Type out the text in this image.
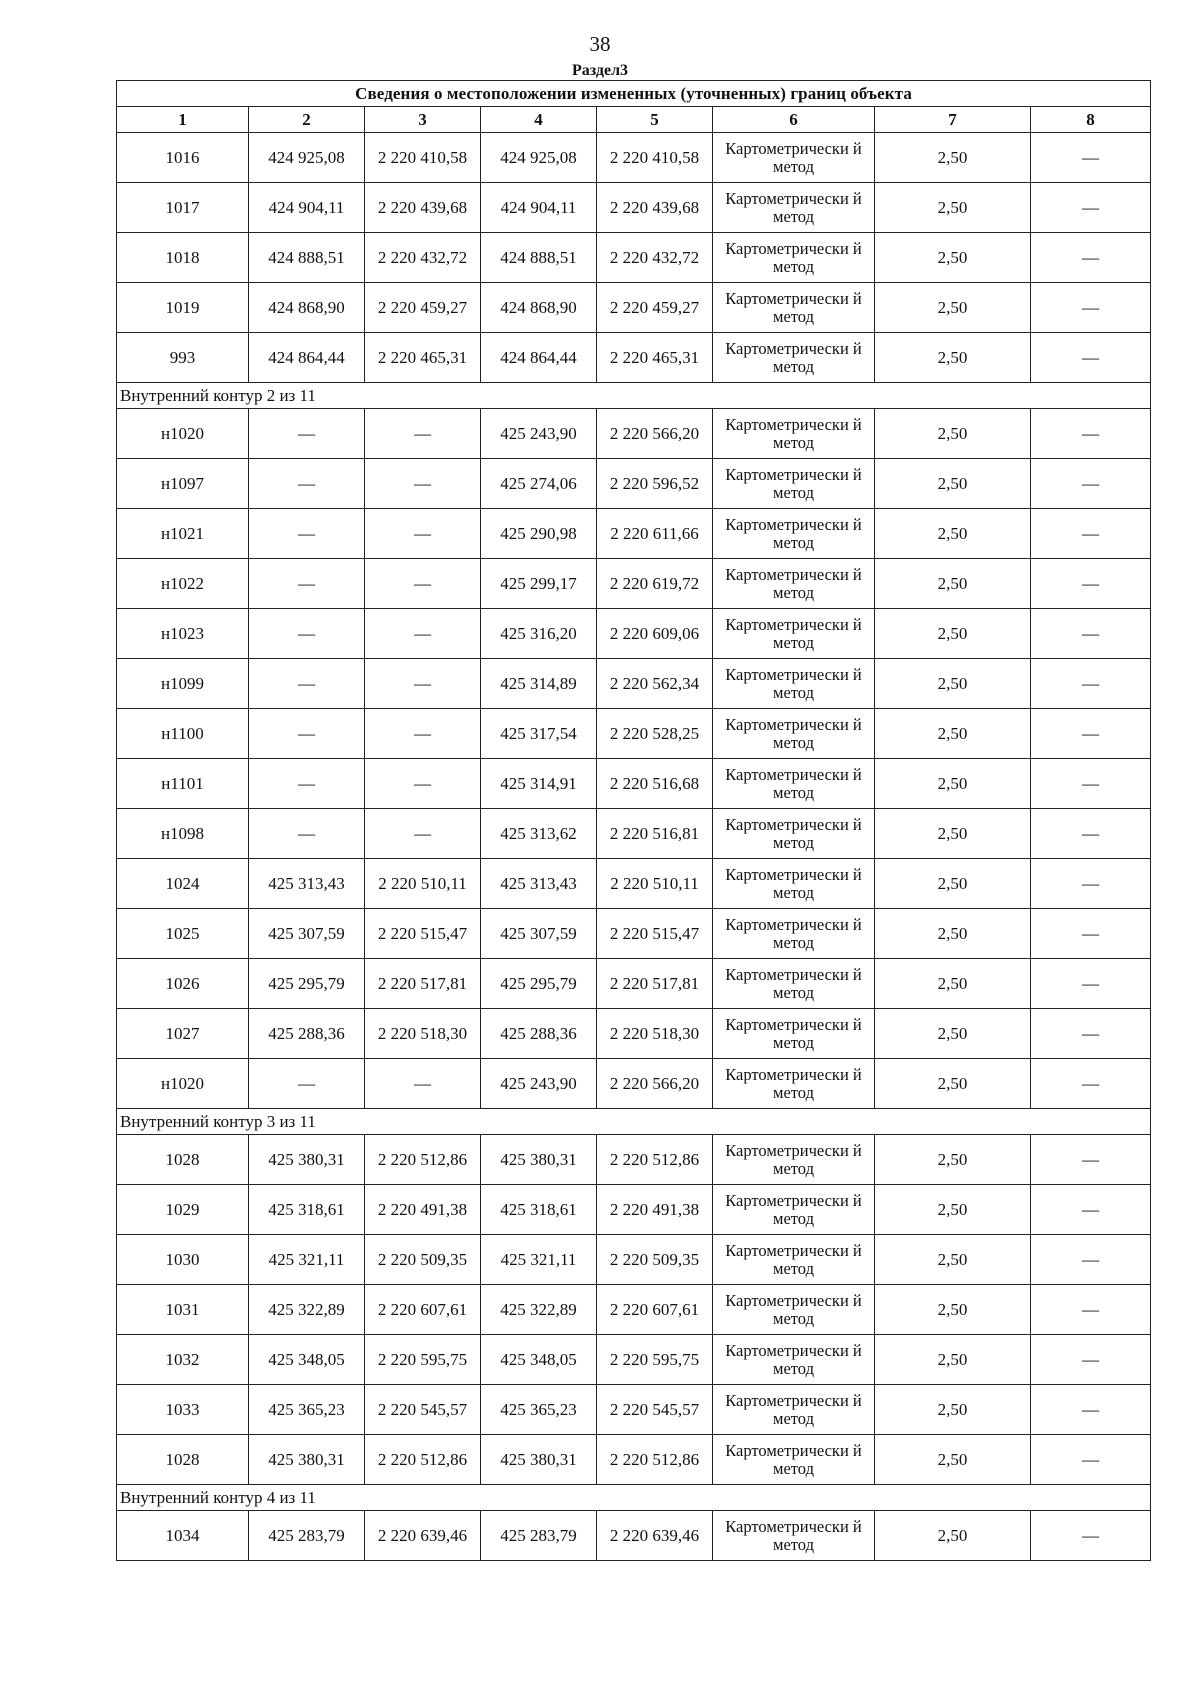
38
Раздел3
Сведения о местоположении измененных (уточненных) границ объекта							
1	2	3	4	5	6	7	8
1016	424 925,08	2 220 410,58	424 925,08	2 220 410,58	Картометрически й метод	2,50	—
1017	424 904,11	2 220 439,68	424 904,11	2 220 439,68	Картометрически й метод	2,50	—
1018	424 888,51	2 220 432,72	424 888,51	2 220 432,72	Картометрически й метод	2,50	—
1019	424 868,90	2 220 459,27	424 868,90	2 220 459,27	Картометрически й метод	2,50	—
993	424 864,44	2 220 465,31	424 864,44	2 220 465,31	Картометрически й метод	2,50	—
Внутренний контур 2 из 11							
н1020	—	—	425 243,90	2 220 566,20	Картометрически й метод	2,50	—
н1097	—	—	425 274,06	2 220 596,52	Картометрически й метод	2,50	—
н1021	—	—	425 290,98	2 220 611,66	Картометрически й метод	2,50	—
н1022	—	—	425 299,17	2 220 619,72	Картометрически й метод	2,50	—
н1023	—	—	425 316,20	2 220 609,06	Картометрически й метод	2,50	—
н1099	—	—	425 314,89	2 220 562,34	Картометрически й метод	2,50	—
н1100	—	—	425 317,54	2 220 528,25	Картометрически й метод	2,50	—
н1101	—	—	425 314,91	2 220 516,68	Картометрически й метод	2,50	—
н1098	—	—	425 313,62	2 220 516,81	Картометрически й метод	2,50	—
1024	425 313,43	2 220 510,11	425 313,43	2 220 510,11	Картометрически й метод	2,50	—
1025	425 307,59	2 220 515,47	425 307,59	2 220 515,47	Картометрически й метод	2,50	—
1026	425 295,79	2 220 517,81	425 295,79	2 220 517,81	Картометрически й метод	2,50	—
1027	425 288,36	2 220 518,30	425 288,36	2 220 518,30	Картометрически й метод	2,50	—
н1020	—	—	425 243,90	2 220 566,20	Картометрически й метод	2,50	—
Внутренний контур 3 из 11							
1028	425 380,31	2 220 512,86	425 380,31	2 220 512,86	Картометрически й метод	2,50	—
1029	425 318,61	2 220 491,38	425 318,61	2 220 491,38	Картометрически й метод	2,50	—
1030	425 321,11	2 220 509,35	425 321,11	2 220 509,35	Картометрически й метод	2,50	—
1031	425 322,89	2 220 607,61	425 322,89	2 220 607,61	Картометрически й метод	2,50	—
1032	425 348,05	2 220 595,75	425 348,05	2 220 595,75	Картометрически й метод	2,50	—
1033	425 365,23	2 220 545,57	425 365,23	2 220 545,57	Картометрически й метод	2,50	—
1028	425 380,31	2 220 512,86	425 380,31	2 220 512,86	Картометрически й метод	2,50	—
Внутренний контур 4 из 11							
1034	425 283,79	2 220 639,46	425 283,79	2 220 639,46	Картометрически й метод	2,50	—
